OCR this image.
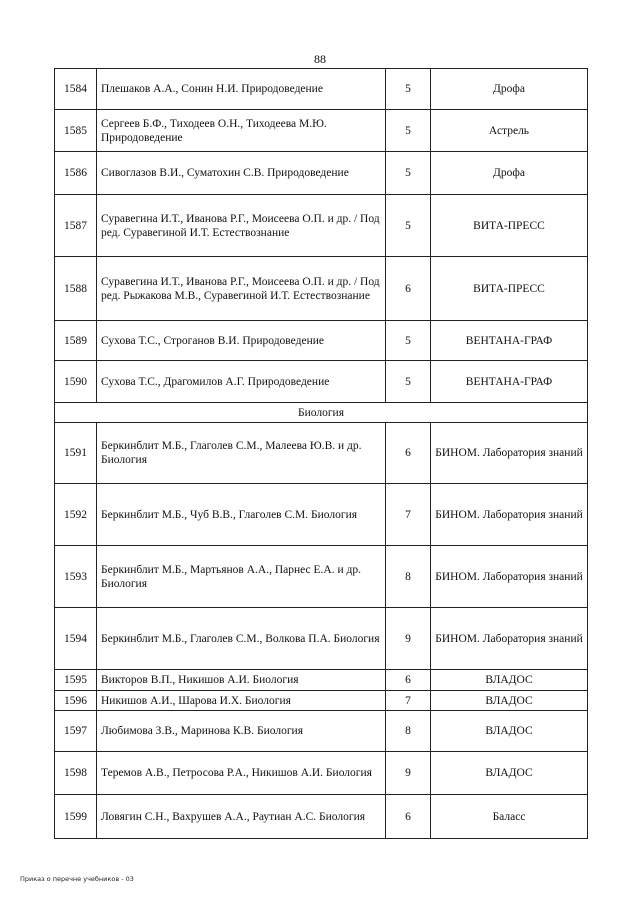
88
1584	Плешаков А.А., Сонин Н.И. Природоведение	5	Дрофа
1585	Сергеев Б.Ф., Тиходеев О.Н., Тиходеева М.Ю. Природоведение	5	Астрель
1586	Сивоглазов В.И., Суматохин С.В. Природоведение	5	Дрофа
1587	Суравегина И.Т., Иванова Р.Г., Моисеева О.П. и др. / Под ред. Суравегиной И.Т. Естествознание	5	ВИТА-ПРЕСС
1588	Суравегина И.Т., Иванова Р.Г., Моисеева О.П. и др. / Под ред. Рыжакова М.В., Суравегиной И.Т. Естествознание	6	ВИТА-ПРЕСС
1589	Сухова Т.С., Строганов В.И. Природоведение	5	ВЕНТАНА-ГРАФ
1590	Сухова Т.С., Драгомилов А.Г. Природоведение	5	ВЕНТАНА-ГРАФ
Биология			
1591	Беркинблит М.Б., Глаголев С.М., Малеева Ю.В. и др. Биология	6	БИНОМ. Лаборатория знаний
1592	Беркинблит М.Б., Чуб В.В., Глаголев С.М. Биология	7	БИНОМ. Лаборатория знаний
1593	Беркинблит М.Б., Мартьянов А.А., Парнес Е.А. и др. Биология	8	БИНОМ. Лаборатория знаний
1594	Беркинблит М.Б., Глаголев С.М., Волкова П.А. Биология	9	БИНОМ. Лаборатория знаний
1595	Викторов В.П., Никишов А.И. Биология	6	ВЛАДОС
1596	Никишов А.И., Шарова И.Х. Биология	7	ВЛАДОС
1597	Любимова З.В., Маринова К.В. Биология	8	ВЛАДОС
1598	Теремов А.В., Петросова Р.А., Никишов А.И. Биология	9	ВЛАДОС
1599	Ловягин С.Н., Вахрушев А.А., Раутиан А.С. Биология	6	Баласс
Приказ о перечне учебников - 03
